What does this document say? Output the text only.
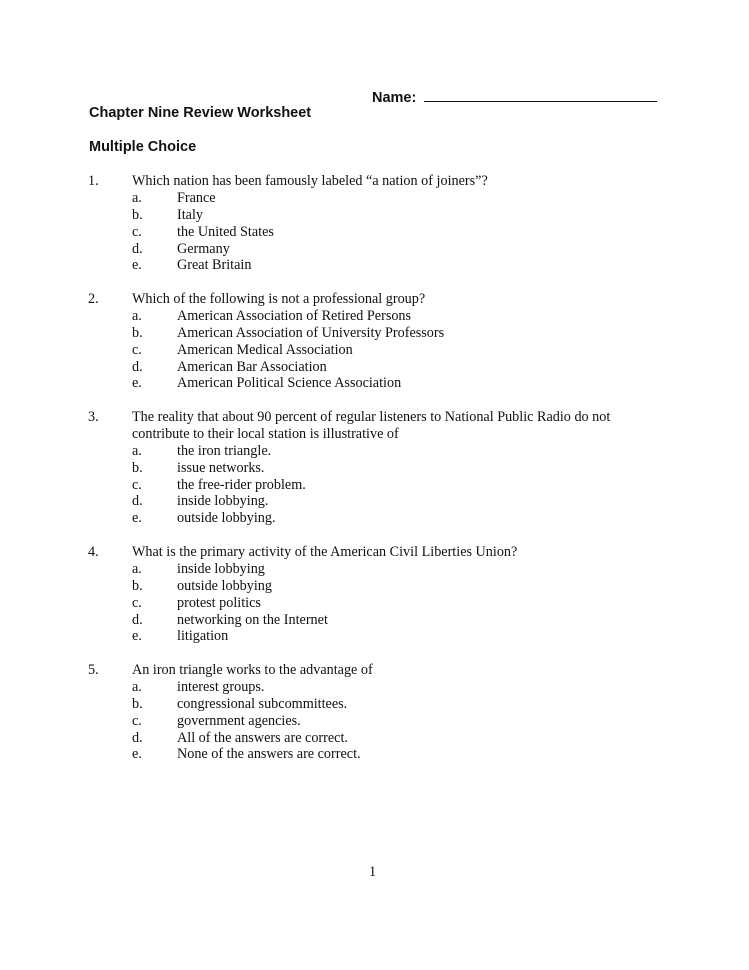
Name:
Chapter Nine Review Worksheet
Multiple Choice
1. Which nation has been famously labeled “a nation of joiners”?
a. France
b. Italy
c. the United States
d. Germany
e. Great Britain
2. Which of the following is not a professional group?
a. American Association of Retired Persons
b. American Association of University Professors
c. American Medical Association
d. American Bar Association
e. American Political Science Association
3. The reality that about 90 percent of regular listeners to National Public Radio do not contribute to their local station is illustrative of
a. the iron triangle.
b. issue networks.
c. the free-rider problem.
d. inside lobbying.
e. outside lobbying.
4. What is the primary activity of the American Civil Liberties Union?
a. inside lobbying
b. outside lobbying
c. protest politics
d. networking on the Internet
e. litigation
5. An iron triangle works to the advantage of
a. interest groups.
b. congressional subcommittees.
c. government agencies.
d. All of the answers are correct.
e. None of the answers are correct.
1
